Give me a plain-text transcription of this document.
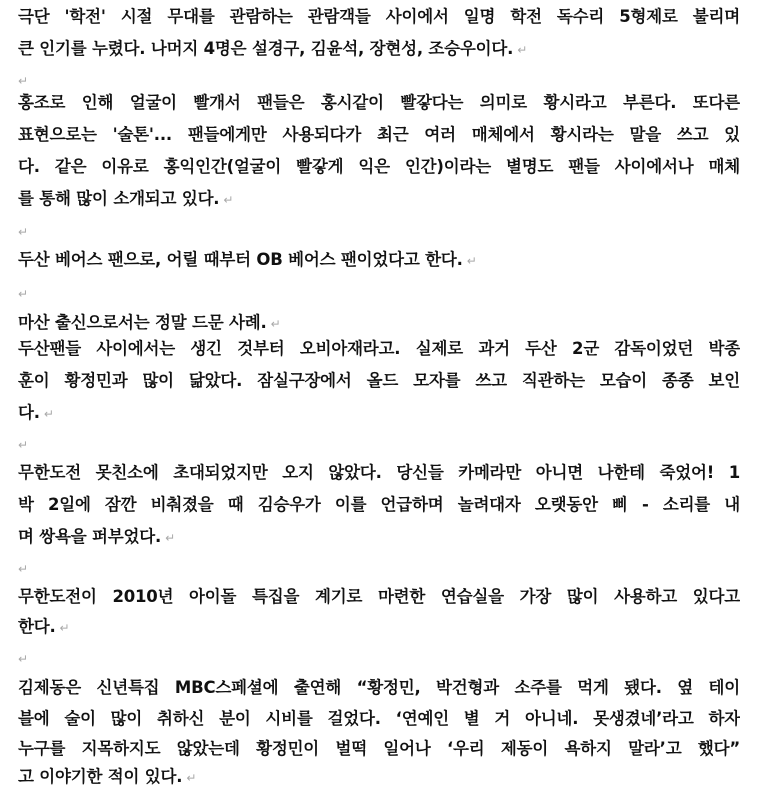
극단 '학전' 시절 무대를 관람하는 관람객들 사이에서 일명 학전 독수리 5형제로 불리며
큰 인기를 누렸다. 나머지 4명은 설경구, 김윤석, 장현성, 조승우이다. ↵
↵
홍조로 인해 얼굴이 빨개서 팬들은 홍시같이 빨갛다는 의미로 황시라고 부른다. 또다른
표현으로는 '술톤'... 팬들에게만 사용되다가 최근 여러 매체에서 황시라는 말을 쓰고 있
다. 같은 이유로 홍익인간(얼굴이 빨갛게 익은 인간)이라는 별명도 팬들 사이에서나 매체
를 통해 많이 소개되고 있다. ↵
↵
두산 베어스 팬으로, 어릴 때부터 OB 베어스 팬이었다고 한다. ↵
↵
마산 출신으로서는 정말 드문 사례. ↵
두산팬들 사이에서는 생긴 것부터 오비아재라고. 실제로 과거 두산 2군 감독이었던 박종
훈이 황정민과 많이 닮았다. 잠실구장에서 올드 모자를 쓰고 직관하는 모습이 종종 보인
다. ↵
↵
무한도전 못친소에 초대되었지만 오지 않았다. 당신들 카메라만 아니면 나한테 죽었어! 1
박 2일에 잠깐 비춰졌을 때 김승우가 이를 언급하며 놀려대자 오랫동안 삐 - 소리를 내
며 쌍욕을 퍼부었다. ↵
↵
무한도전이 2010년 아이돌 특집을 계기로 마련한 연습실을 가장 많이 사용하고 있다고
한다. ↵
↵
김제동은 신년특집 MBC스페셜에 출연해 “황정민, 박건형과 소주를 먹게 됐다. 옆 테이
블에 술이 많이 취하신 분이 시비를 걸었다. ‘연예인 별 거 아니네. 못생겼네’라고 하자
누구를 지목하지도 않았는데 황정민이 벌떡 일어나 ‘우리 제동이 욕하지 말라’고 했다”
고 이야기한 적이 있다. ↵
